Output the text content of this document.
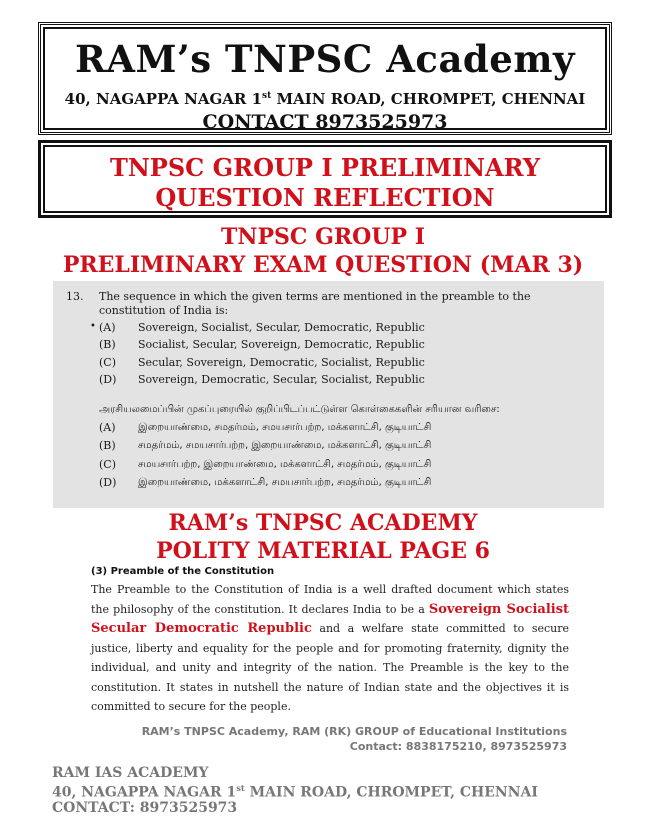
RAM’s TNPSC Academy
40, NAGAPPA NAGAR 1st MAIN ROAD, CHROMPET, CHENNAI
CONTACT 8973525973
TNPSC GROUP I PRELIMINARY
QUESTION REFLECTION
TNPSC GROUP I
PRELIMINARY EXAM QUESTION (MAR 3)
13. The sequence in which the given terms are mentioned in the preamble to the constitution of India is:
• (A) Sovereign, Socialist, Secular, Democratic, Republic
(B) Socialist, Secular, Sovereign, Democratic, Republic
(C) Secular, Sovereign, Democratic, Socialist, Republic
(D) Sovereign, Democratic, Secular, Socialist, Republic
அரசியலமைப்பின் முகப்புரையில் குறிப்பிடப்பட்டுள்ள கொள்கைகளின் சரியான வரிசை:
(A) இறையாண்மை, சமதர்மம், சமயசார்பற்ற, மக்களாட்சி, குடியாட்சி
(B) சமதர்மம், சமயசார்பற்ற, இறையாண்மை, மக்களாட்சி, குடியாட்சி
(C) சமயசார்பற்ற, இறையாண்மை, மக்களாட்சி, சமதர்மம், குடியாட்சி
(D) இறையாண்மை, மக்களாட்சி, சமயசார்பற்ற, சமதர்மம், குடியாட்சி
RAM’s TNPSC ACADEMY
POLITY MATERIAL PAGE 6
(3) Preamble of the Constitution
The Preamble to the Constitution of India is a well drafted document which states the philosophy of the constitution. It declares India to be a Sovereign Socialist Secular Democratic Republic and a welfare state committed to secure justice, liberty and equality for the people and for promoting fraternity, dignity the individual, and unity and integrity of the nation. The Preamble is the key to the constitution. It states in nutshell the nature of Indian state and the objectives it is committed to secure for the people.
RAM’s TNPSC Academy, RAM (RK) GROUP of Educational Institutions
Contact: 8838175210, 8973525973
RAM IAS ACADEMY
40, NAGAPPA NAGAR 1st MAIN ROAD, CHROMPET, CHENNAI
CONTACT: 8973525973
